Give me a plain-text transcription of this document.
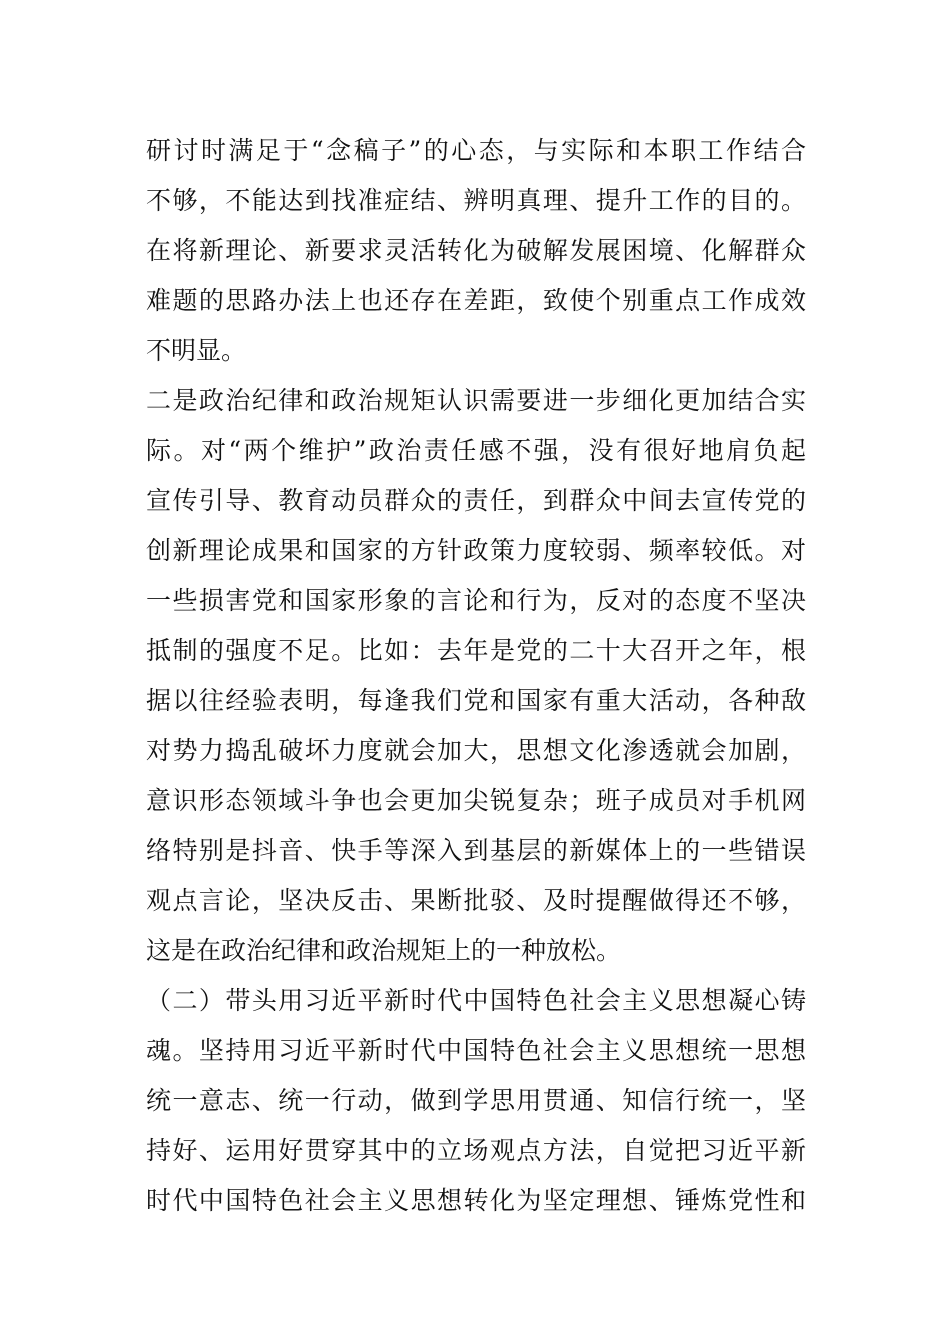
研讨时满足于“念稿子”的心态，与实际和本职工作结合
不够，不能达到找准症结、辨明真理、提升工作的目的。
在将新理论、新要求灵活转化为破解发展困境、化解群众
难题的思路办法上也还存在差距，致使个别重点工作成效
不明显。
二是政治纪律和政治规矩认识需要进一步细化更加结合实
际。对“两个维护”政治责任感不强，没有很好地肩负起
宣传引导、教育动员群众的责任，到群众中间去宣传党的
创新理论成果和国家的方针政策力度较弱、频率较低。对
一些损害党和国家形象的言论和行为，反对的态度不坚决
抵制的强度不足。比如：去年是党的二十大召开之年，根
据以往经验表明，每逢我们党和国家有重大活动，各种敌
对势力捣乱破坏力度就会加大，思想文化渗透就会加剧，
意识形态领域斗争也会更加尖锐复杂；班子成员对手机网
络特别是抖音、快手等深入到基层的新媒体上的一些错误
观点言论，坚决反击、果断批驳、及时提醒做得还不够，
这是在政治纪律和政治规矩上的一种放松。
（二）带头用习近平新时代中国特色社会主义思想凝心铸
魂。坚持用习近平新时代中国特色社会主义思想统一思想
统一意志、统一行动，做到学思用贯通、知信行统一，坚
持好、运用好贯穿其中的立场观点方法，自觉把习近平新
时代中国特色社会主义思想转化为坚定理想、锤炼党性和
